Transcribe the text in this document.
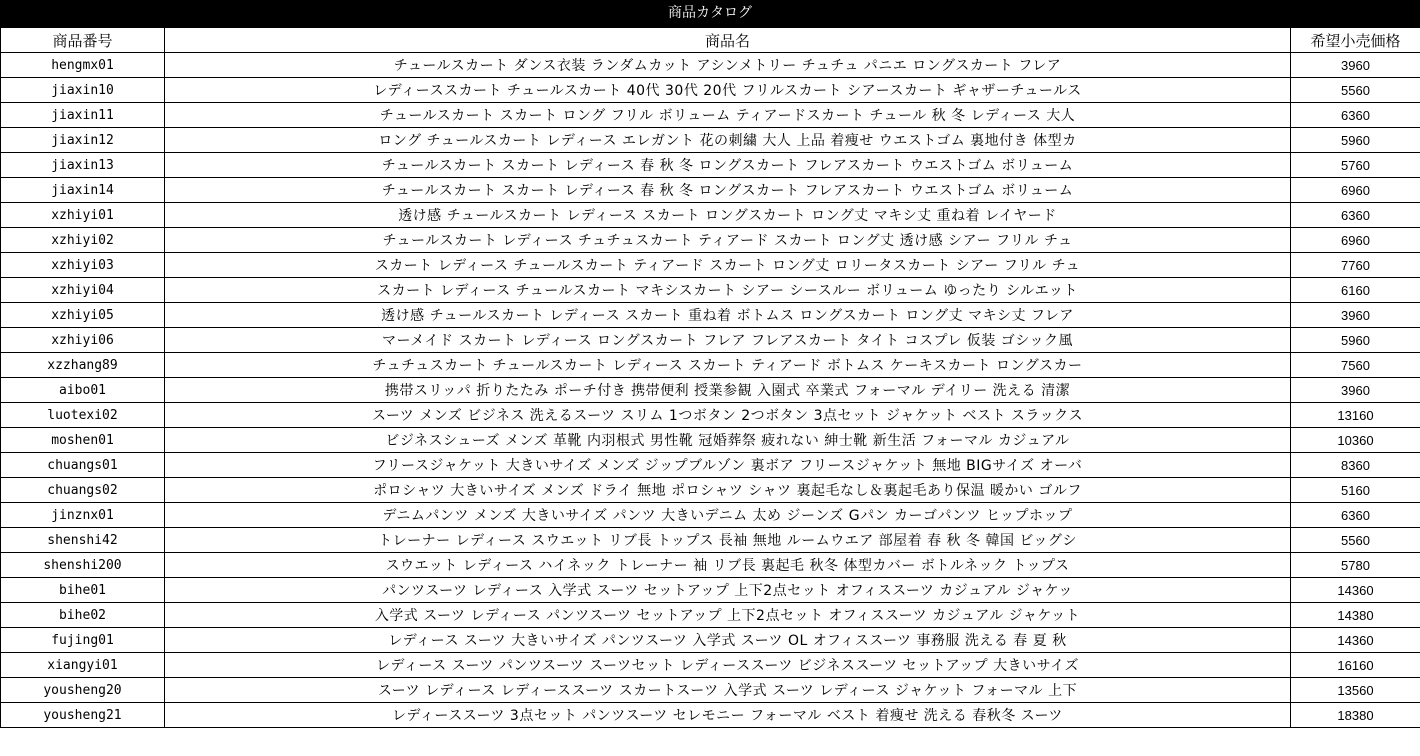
商品カタログ
商品番号	商品名	希望小売価格
hengmx01	チュールスカート ダンス衣装 ランダムカット アシンメトリー チュチュ パニエ ロングスカート フレア	3960
jiaxin10	レディーススカート チュールスカート 40代 30代 20代 フリルスカート シアースカート ギャザーチュールス	5560
jiaxin11	チュールスカート スカート ロング フリル ボリューム ティアードスカート チュール 秋 冬 レディース 大人	6360
jiaxin12	ロング チュールスカート レディース エレガント 花の刺繍 大人 上品 着痩せ ウエストゴム 裏地付き 体型カ	5960
jiaxin13	チュールスカート スカート レディース 春 秋 冬 ロングスカート フレアスカート ウエストゴム ボリューム	5760
jiaxin14	チュールスカート スカート レディース 春 秋 冬 ロングスカート フレアスカート ウエストゴム ボリューム	6960
xzhiyi01	透け感 チュールスカート レディース スカート ロングスカート ロング丈 マキシ丈 重ね着 レイヤード	6360
xzhiyi02	チュールスカート レディース チュチュスカート ティアード スカート ロング丈 透け感 シアー フリル チュ	6960
xzhiyi03	スカート レディース チュールスカート ティアード スカート ロング丈 ロリータスカート シアー フリル チュ	7760
xzhiyi04	スカート レディース チュールスカート マキシスカート シアー シースルー ボリューム ゆったり シルエット	6160
xzhiyi05	透け感 チュールスカート レディース スカート 重ね着 ボトムス ロングスカート ロング丈 マキシ丈 フレア	3960
xzhiyi06	マーメイド スカート レディース ロングスカート フレア フレアスカート タイト コスプレ 仮装 ゴシック風	5960
xzzhang89	チュチュスカート チュールスカート レディース スカート ティアード ボトムス ケーキスカート ロングスカー	7560
aibo01	携帯スリッパ 折りたたみ ポーチ付き 携帯便利 授業参観 入園式 卒業式 フォーマル デイリー 洗える 清潔	3960
luotexi02	スーツ メンズ ビジネス 洗えるスーツ スリム 1つボタン 2つボタン 3点セット ジャケット ベスト スラックス	13160
moshen01	ビジネスシューズ メンズ 革靴 内羽根式 男性靴 冠婚葬祭 疲れない 紳士靴 新生活 フォーマル カジュアル	10360
chuangs01	フリースジャケット 大きいサイズ メンズ ジップブルゾン 裏ボア フリースジャケット 無地 BIGサイズ オーバ	8360
chuangs02	ポロシャツ 大きいサイズ メンズ ドライ 無地 ポロシャツ シャツ 裏起毛なし＆裏起毛あり保温 暖かい ゴルフ	5160
jinznx01	デニムパンツ メンズ 大きいサイズ パンツ 大きいデニム 太め ジーンズ Gパン カーゴパンツ ヒップホップ	6360
shenshi42	トレーナー レディース スウエット リブ長 トップス 長袖 無地 ルームウエア 部屋着 春 秋 冬 韓国 ビッグシ	5560
shenshi200	スウエット レディース ハイネック トレーナー 袖 リブ長 裏起毛 秋冬 体型カバー ボトルネック トップス	5780
bihe01	パンツスーツ レディース 入学式 スーツ セットアップ 上下2点セット オフィススーツ カジュアル ジャケッ	14360
bihe02	入学式 スーツ レディース パンツスーツ セットアップ 上下2点セット オフィススーツ カジュアル ジャケット	14380
fujing01	レディース スーツ 大きいサイズ パンツスーツ 入学式 スーツ OL オフィススーツ 事務服 洗える 春 夏 秋	14360
xiangyi01	レディース スーツ パンツスーツ スーツセット レディーススーツ ビジネススーツ セットアップ 大きいサイズ	16160
yousheng20	スーツ レディース レディーススーツ スカートスーツ 入学式 スーツ レディース ジャケット フォーマル 上下	13560
yousheng21	レディーススーツ 3点セット パンツスーツ セレモニー フォーマル ベスト 着痩せ 洗える 春秋冬 スーツ	18380
